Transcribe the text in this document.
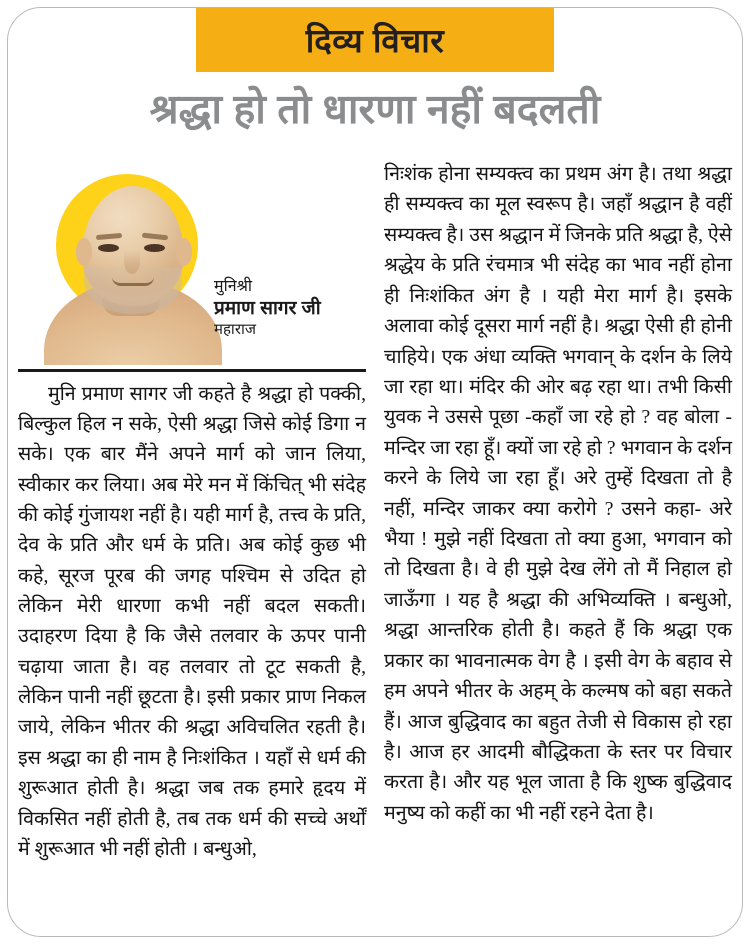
दिव्य विचार
श्रद्धा हो तो धारणा नहीं बदलती
मुनिश्री
प्रमाण सागर जी
महाराज

मुनि प्रमाण सागर जी कहते है श्रद्धा हो पक्की, बिल्कुल हिल न सके, ऐसी श्रद्धा जिसे कोई डिगा न सके। एक बार मैंने अपने मार्ग को जान लिया, स्वीकार कर लिया। अब मेरे मन में किंचित् भी संदेह की कोई गुंजायश नहीं है। यही मार्ग है, तत्त्व के प्रति, देव के प्रति और धर्म के प्रति। अब कोई कुछ भी कहे, सूरज पूरब की जगह पश्चिम से उदित हो लेकिन मेरी धारणा कभी नहीं बदल सकती। उदाहरण दिया है कि जैसे तलवार के ऊपर पानी चढ़ाया जाता है। वह तलवार तो टूट सकती है, लेकिन पानी नहीं छूटता है। इसी प्रकार प्राण निकल जाये, लेकिन भीतर की श्रद्धा अविचलित रहती है। इस श्रद्धा का ही नाम है निःशंकित । यहाँ से धर्म की शुरूआत होती है। श्रद्धा जब तक हमारे हृदय में विकसित नहीं होती है, तब तक धर्म की सच्चे अर्थों में शुरूआत भी नहीं होती । बन्धुओ,

निःशंक होना सम्यक्त्व का प्रथम अंग है। तथा श्रद्धा ही सम्यक्त्व का मूल स्वरूप है। जहाँ श्रद्धान है वहीं सम्यक्त्व है। उस श्रद्धान में जिनके प्रति श्रद्धा है, ऐसे श्रद्धेय के प्रति रंचमात्र भी संदेह का भाव नहीं होना ही निःशंकित अंग है । यही मेरा मार्ग है। इसके अलावा कोई दूसरा मार्ग नहीं है। श्रद्धा ऐसी ही होनी चाहिये। एक अंधा व्यक्ति भगवान् के दर्शन के लिये जा रहा था। मंदिर की ओर बढ़ रहा था। तभी किसी युवक ने उससे पूछा -कहाँ जा रहे हो ? वह बोला - मन्दिर जा रहा हूँ। क्यों जा रहे हो ? भगवान के दर्शन करने के लिये जा रहा हूँ। अरे तुम्हें दिखता तो है नहीं, मन्दिर जाकर क्या करोगे ? उसने कहा- अरे भैया ! मुझे नहीं दिखता तो क्या हुआ, भगवान को तो दिखता है। वे ही मुझे देख लेंगे तो मैं निहाल हो जाऊँगा । यह है श्रद्धा की अभिव्यक्ति । बन्धुओ, श्रद्धा आन्तरिक होती है। कहते हैं कि श्रद्धा एक प्रकार का भावनात्मक वेग है । इसी वेग के बहाव से हम अपने भीतर के अहम् के कल्मष को बहा सकते हैं। आज बुद्धिवाद का बहुत तेजी से विकास हो रहा है। आज हर आदमी बौद्धिकता के स्तर पर विचार करता है। और यह भूल जाता है कि शुष्क बुद्धिवाद मनुष्य को कहीं का भी नहीं रहने देता है।
